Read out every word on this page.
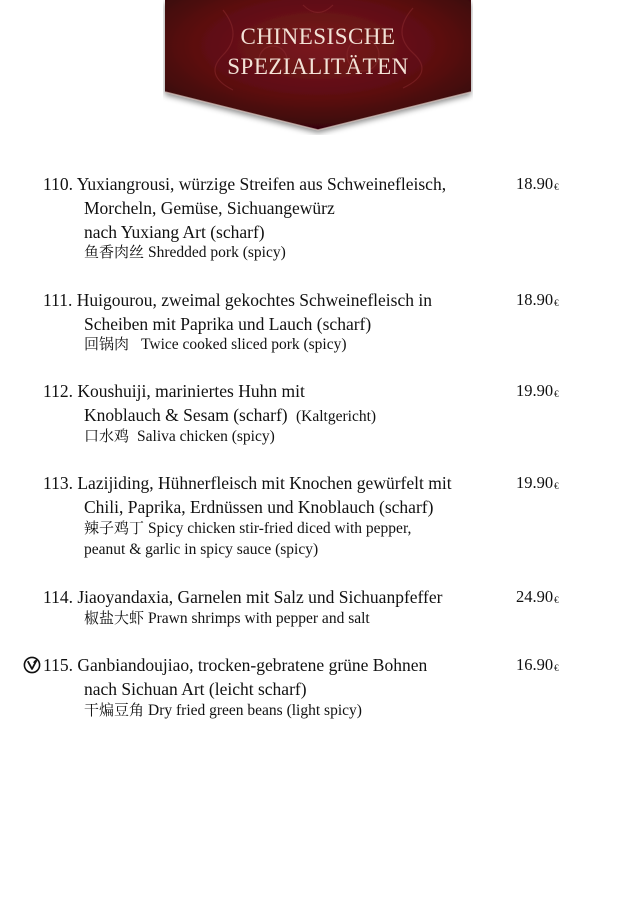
CHINESISCHE
SPEZIALITÄTEN
110. Yuxiangrousi, würzige Streifen aus Schweinefleisch,
Morcheln, Gemüse, Sichuangewürz
nach Yuxiang Art (scharf)
鱼香肉丝 Shredded pork (spicy)
18.90€
111. Huigourou, zweimal gekochtes Schweinefleisch in
Scheiben mit Paprika und Lauch (scharf)
回锅肉 Twice cooked sliced pork (spicy)
18.90€
112. Koushuiji, mariniertes Huhn mit
Knoblauch & Sesam (scharf) (Kaltgericht)
口水鸡 Saliva chicken (spicy)
19.90€
113. Lazijiding, Hühnerfleisch mit Knochen gewürfelt mit
Chili, Paprika, Erdnüssen und Knoblauch (scharf)
辣子鸡丁 Spicy chicken stir-fried diced with pepper,
peanut & garlic in spicy sauce (spicy)
19.90€
114. Jiaoyandaxia, Garnelen mit Salz und Sichuanpfeffer
椒盐大虾 Prawn shrimps with pepper and salt
24.90€
115. Ganbiandoujiao, trocken-gebratene grüne Bohnen
nach Sichuan Art (leicht scharf)
干煸豆角 Dry fried green beans (light spicy)
16.90€
